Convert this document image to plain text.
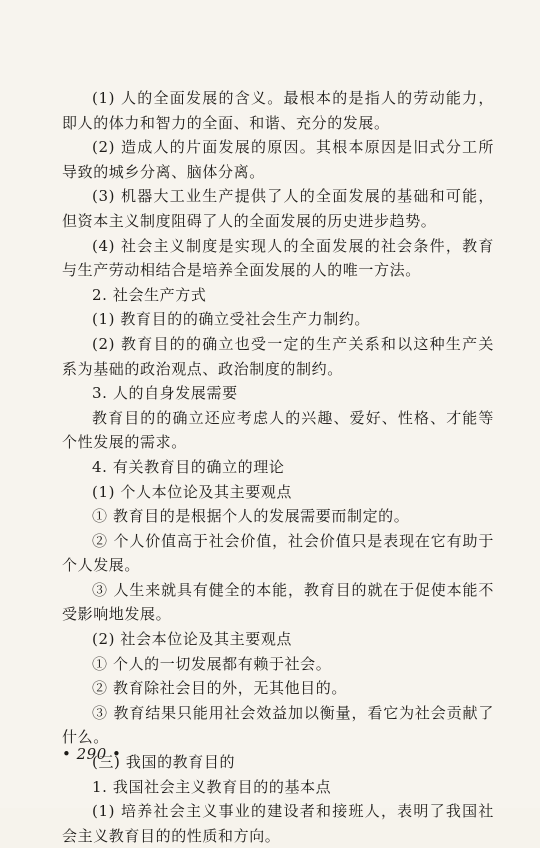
(1) 人的全面发展的含义。最根本的是指人的劳动能力，即人的体力和智力的全面、和谐、充分的发展。

(2) 造成人的片面发展的原因。其根本原因是旧式分工所导致的城乡分离、脑体分离。

(3) 机器大工业生产提供了人的全面发展的基础和可能，但资本主义制度阻碍了人的全面发展的历史进步趋势。

(4) 社会主义制度是实现人的全面发展的社会条件，教育与生产劳动相结合是培养全面发展的人的唯一方法。

2. 社会生产方式

(1) 教育目的的确立受社会生产力制约。

(2) 教育目的的确立也受一定的生产关系和以这种生产关系为基础的政治观点、政治制度的制约。

3. 人的自身发展需要

教育目的的确立还应考虑人的兴趣、爱好、性格、才能等个性发展的需求。

4. 有关教育目的确立的理论

(1) 个人本位论及其主要观点

① 教育目的是根据个人的发展需要而制定的。

② 个人价值高于社会价值，社会价值只是表现在它有助于个人发展。

③ 人生来就具有健全的本能，教育目的就在于促使本能不受影响地发展。

(2) 社会本位论及其主要观点

① 个人的一切发展都有赖于社会。

② 教育除社会目的外，无其他目的。

③ 教育结果只能用社会效益加以衡量，看它为社会贡献了什么。

(三) 我国的教育目的

1. 我国社会主义教育目的的基本点

(1) 培养社会主义事业的建设者和接班人，表明了我国社会主义教育目的的性质和方向。

• 290 •
